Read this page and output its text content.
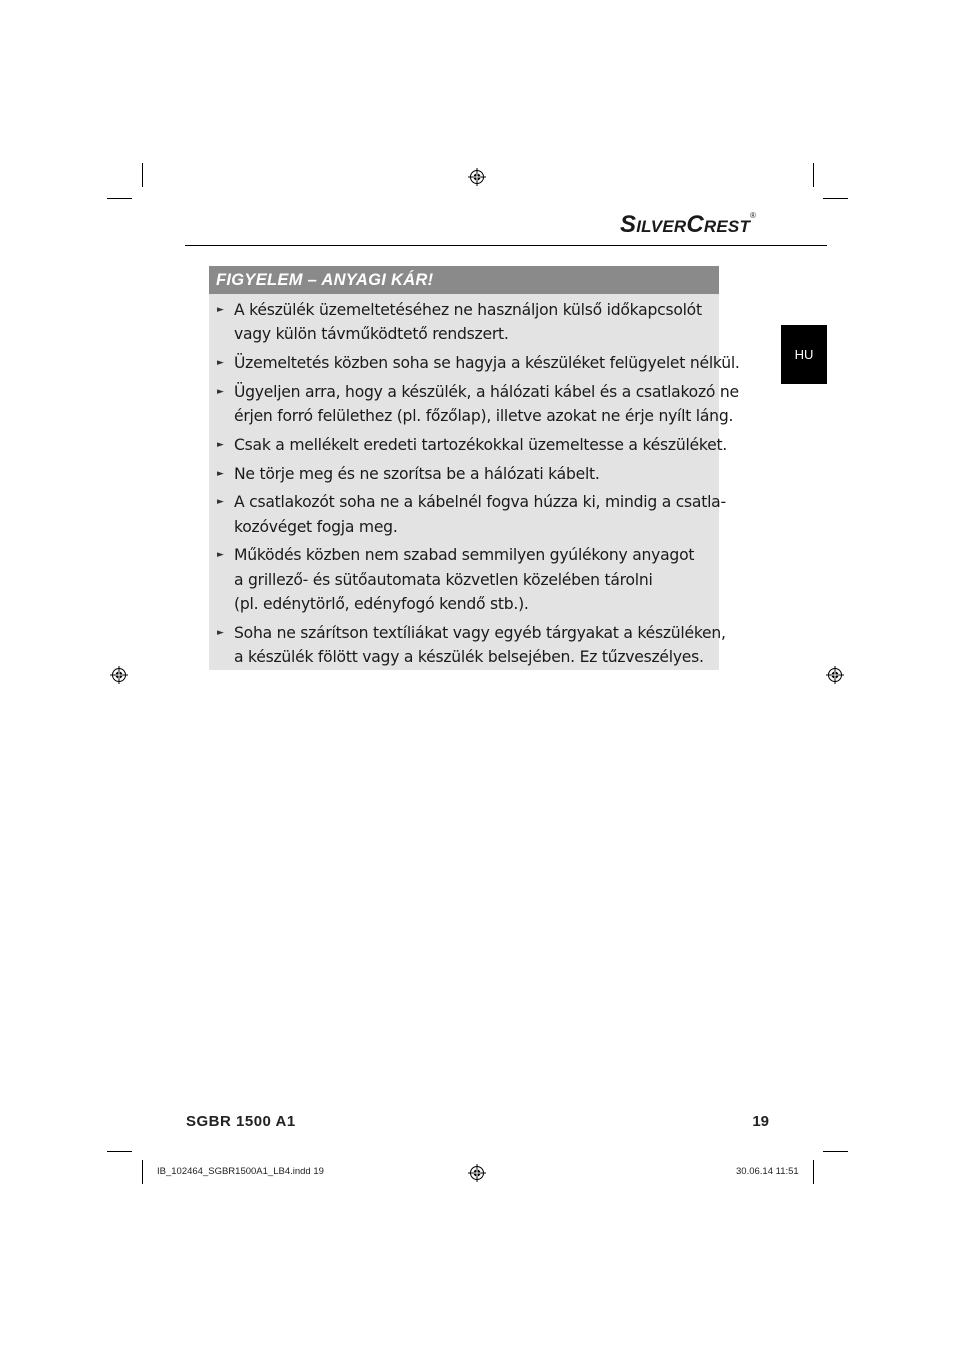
SILVERCREST®
HU
FIGYELEM – ANYAGI KÁR!
► A készülék üzemeltetéséhez ne használjon külső időkapcsolót
vagy külön távműködtető rendszert.
► Üzemeltetés közben soha se hagyja a készüléket felügyelet nélkül.
► Ügyeljen arra, hogy a készülék, a hálózati kábel és a csatlakozó ne
érjen forró felülethez (pl. főzőlap), illetve azokat ne érje nyílt láng.
► Csak a mellékelt eredeti tartozékokkal üzemeltesse a készüléket.
► Ne törje meg és ne szorítsa be a hálózati kábelt.
► A csatlakozót soha ne a kábelnél fogva húzza ki, mindig a csatla-
kozóvéget fogja meg.
► Működés közben nem szabad semmilyen gyúlékony anyagot
a grillező- és sütőautomata közvetlen közelében tárolni
(pl. edénytörlő, edényfogó kendő stb.).
► Soha ne szárítson textíliákat vagy egyéb tárgyakat a készüléken,
a készülék fölött vagy a készülék belsejében. Ez tűzveszélyes.
SGBR 1500 A1	19
IB_102464_SGBR1500A1_LB4.indd 19	30.06.14 11:51
